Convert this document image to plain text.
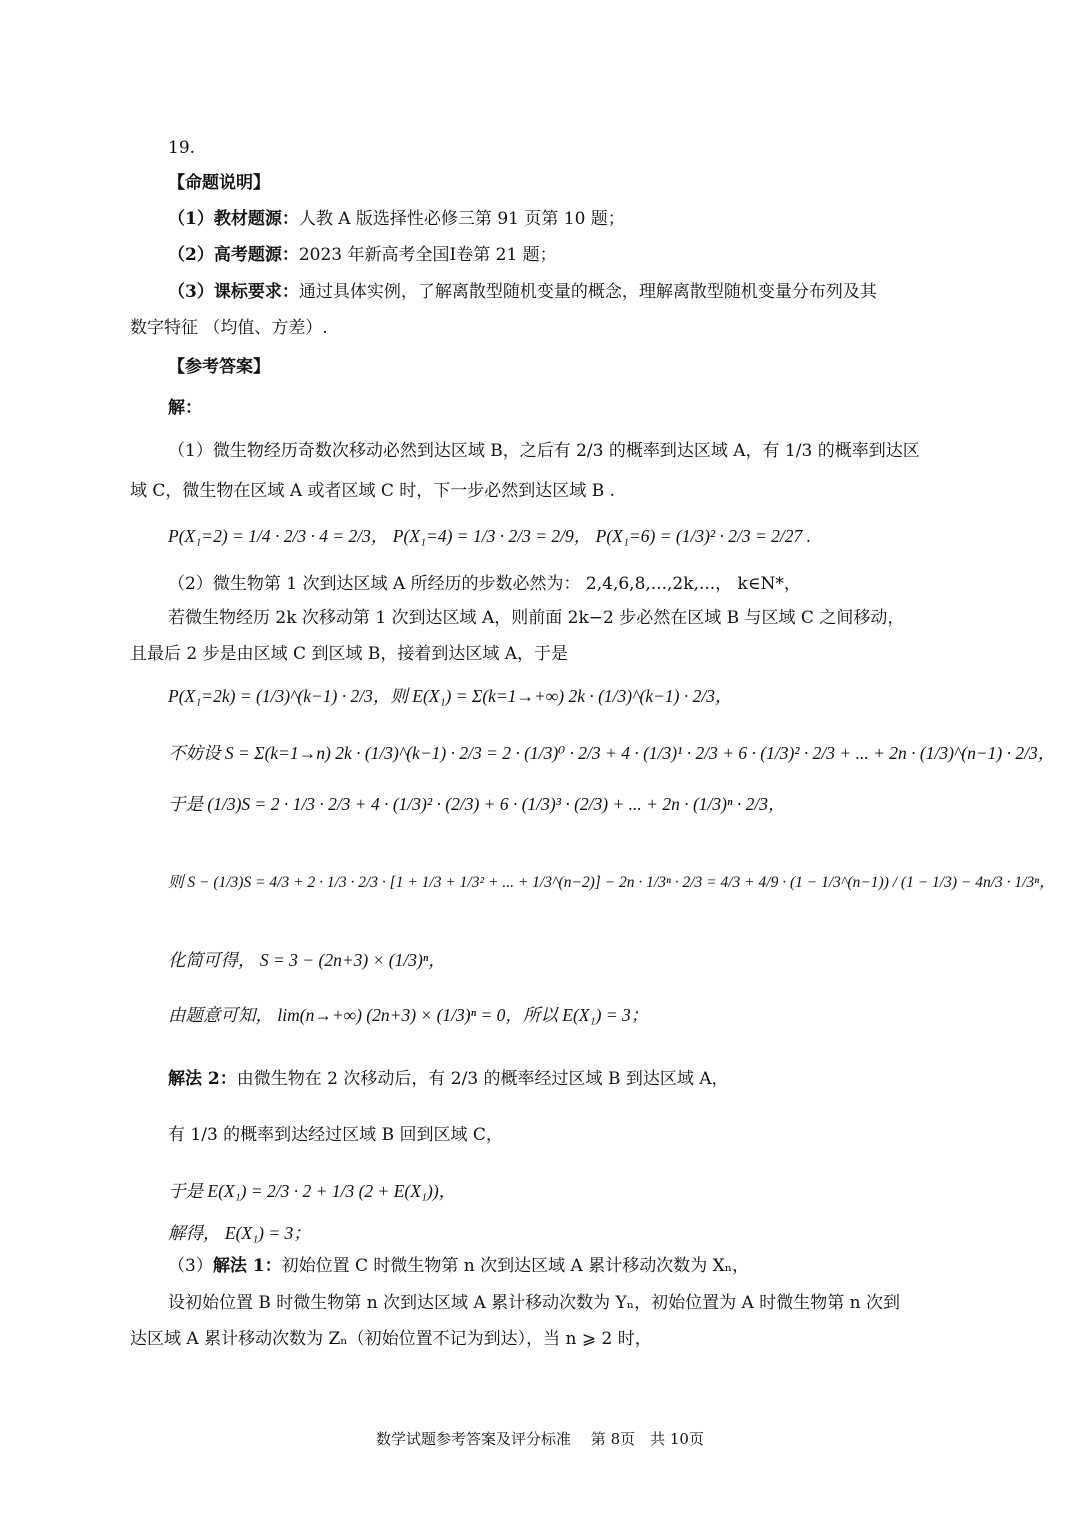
19.
【命题说明】
（1）教材题源：人教 A 版选择性必修三第 91 页第 10 题；
（2）高考题源：2023 年新高考全国I卷第 21 题；
（3）课标要求：通过具体实例，了解离散型随机变量的概念，理解离散型随机变量分布列及其
数字特征 （均值、方差）.
【参考答案】
解：
（1）微生物经历奇数次移动必然到达区域 B，之后有 2/3 的概率到达区域 A，有 1/3 的概率到达区
域 C，微生物在区域 A 或者区域 C 时，下一步必然到达区域 B .
P(X₁=2) = 1/4 · 2/3 · 4 = 2/3， P(X₁=4) = 1/3 · 2/3 = 2/9， P(X₁=6) = (1/3)² · 2/3 = 2/27 .
（2）微生物第 1 次到达区域 A 所经历的步数必然为： 2,4,6,8,...,2k,...， k∈N*，
若微生物经历 2k 次移动第 1 次到达区域 A，则前面 2k−2 步必然在区域 B 与区域 C 之间移动，
且最后 2 步是由区域 C 到区域 B，接着到达区域 A，于是
P(X₁=2k) = (1/3)^(k−1) · 2/3，则 E(X₁) = Σ(k=1→+∞) 2k · (1/3)^(k−1) · 2/3，
不妨设 S = Σ(k=1→n) 2k · (1/3)^(k−1) · 2/3 = 2 · (1/3)⁰ · 2/3 + 4 · (1/3)¹ · 2/3 + 6 · (1/3)² · 2/3 + ... + 2n · (1/3)^(n−1) · 2/3，
于是 (1/3)S = 2 · 1/3 · 2/3 + 4 · (1/3)² · (2/3) + 6 · (1/3)³ · (2/3) + ... + 2n · (1/3)ⁿ · 2/3，
则 S − (1/3)S = 4/3 + 2 · 1/3 · 2/3 · [1 + 1/3 + 1/3² + ... + 1/3^(n−2)] − 2n · 1/3ⁿ · 2/3 = 4/3 + 4/9 · (1 − 1/3^(n−1)) / (1 − 1/3) − 4n/3 · 1/3ⁿ，
化简可得， S = 3 − (2n+3) × (1/3)ⁿ，
由题意可知， lim(n→+∞) (2n+3) × (1/3)ⁿ = 0，所以 E(X₁) = 3；
解法 2：由微生物在 2 次移动后，有 2/3 的概率经过区域 B 到达区域 A，
有 1/3 的概率到达经过区域 B 回到区域 C，
于是 E(X₁) = 2/3 · 2 + 1/3 (2 + E(X₁))，
解得， E(X₁) = 3；
（3）解法 1：初始位置 C 时微生物第 n 次到达区域 A 累计移动次数为 Xₙ，
设初始位置 B 时微生物第 n 次到达区域 A 累计移动次数为 Yₙ，初始位置为 A 时微生物第 n 次到
达区域 A 累计移动次数为 Zₙ（初始位置不记为到达），当 n ⩾ 2 时，
数学试题参考答案及评分标准　 第 8页　共 10页
